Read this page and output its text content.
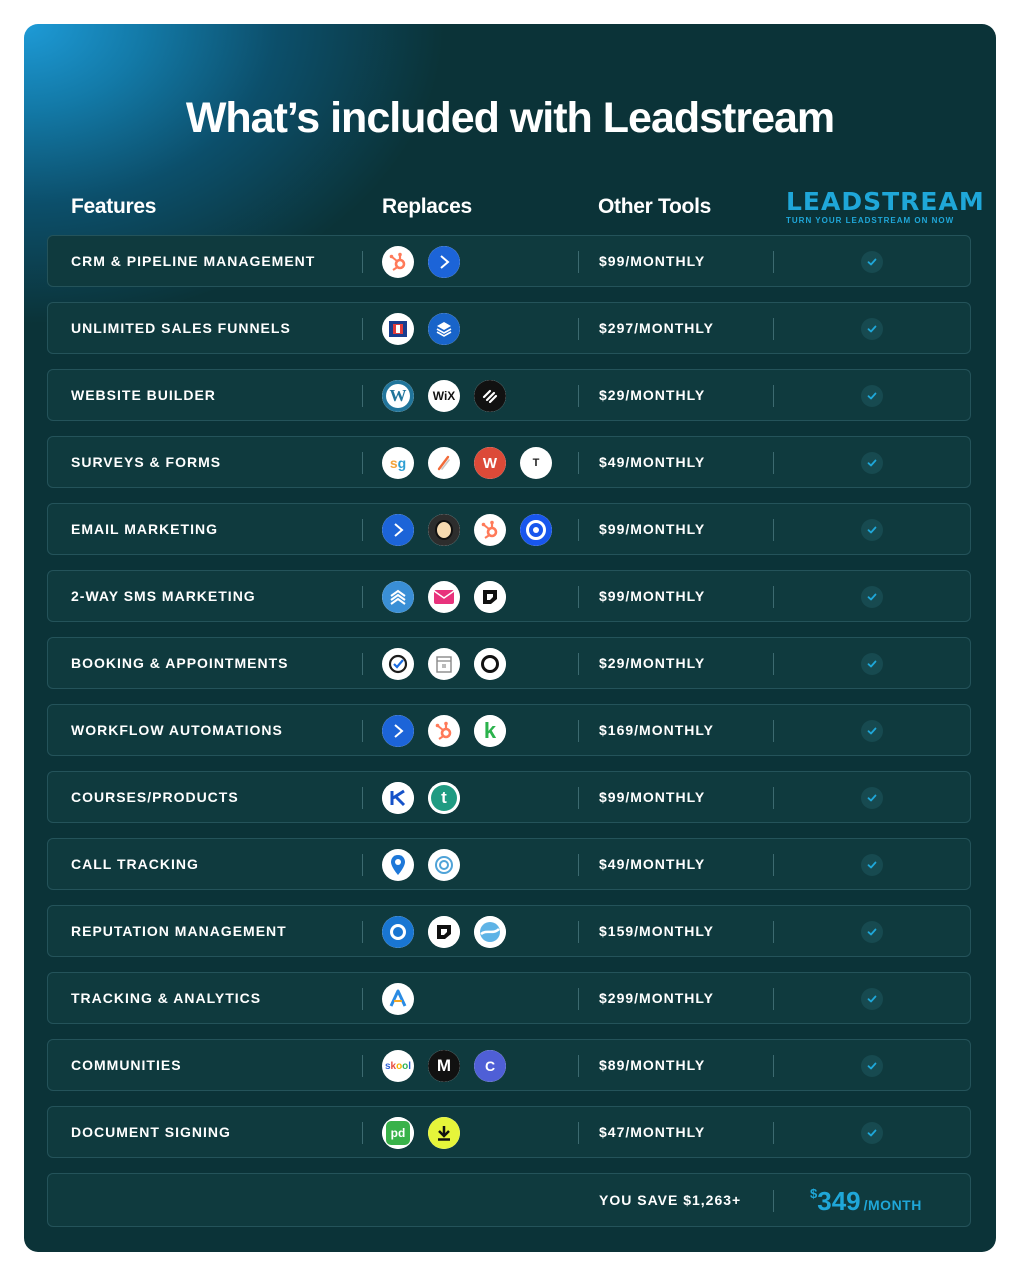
What’s included with Leadstream
Features	Replaces	Other Tools	LEADSTREAM
TURN YOUR LEADSTREAM ON NOW
CRM & PIPELINE MANAGEMENT	$99/MONTHLY
UNLIMITED SALES FUNNELS	$297/MONTHLY
WEBSITE BUILDER	W WiX	$29/MONTHLY
SURVEYS & FORMS	sg	W	T	$49/MONTHLY
EMAIL MARKETING	$99/MONTHLY
2-WAY SMS MARKETING	$99/MONTHLY
BOOKING & APPOINTMENTS	$29/MONTHLY
WORKFLOW AUTOMATIONS	k	$169/MONTHLY
COURSES/PRODUCTS	t	$99/MONTHLY
CALL TRACKING	$49/MONTHLY
REPUTATION MANAGEMENT	$159/MONTHLY
TRACKING & ANALYTICS	$299/MONTHLY
COMMUNITIES	skool	M	C	$89/MONTHLY
DOCUMENT SIGNING	pd	$47/MONTHLY
YOU SAVE $1,263+	$349 /MONTH
